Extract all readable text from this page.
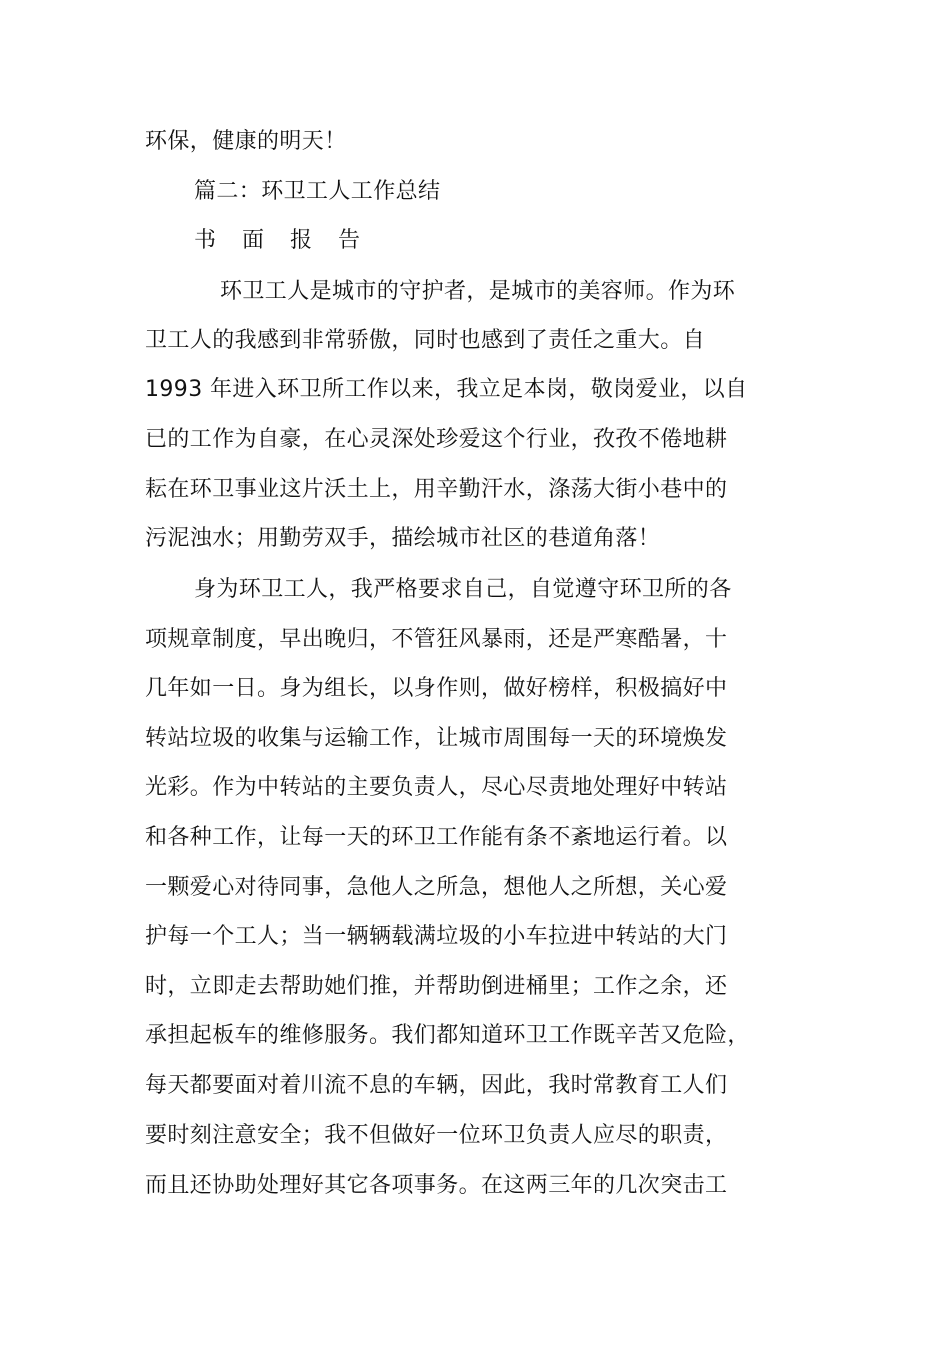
环保，健康的明天！
篇二：环卫工人工作总结
书 面 报 告
环卫工人是城市的守护者，是城市的美容师。作为环
卫工人的我感到非常骄傲，同时也感到了责任之重大。自
1993 年进入环卫所工作以来，我立足本岗，敬岗爱业，以自
已的工作为自豪，在心灵深处珍爱这个行业，孜孜不倦地耕
耘在环卫事业这片沃土上，用辛勤汗水，涤荡大街小巷中的
污泥浊水；用勤劳双手，描绘城市社区的巷道角落！
身为环卫工人，我严格要求自己，自觉遵守环卫所的各
项规章制度，早出晚归，不管狂风暴雨，还是严寒酷暑，十
几年如一日。身为组长，以身作则，做好榜样，积极搞好中
转站垃圾的收集与运输工作，让城市周围每一天的环境焕发
光彩。作为中转站的主要负责人，尽心尽责地处理好中转站
和各种工作，让每一天的环卫工作能有条不紊地运行着。以
一颗爱心对待同事，急他人之所急，想他人之所想，关心爱
护每一个工人；当一辆辆载满垃圾的小车拉进中转站的大门
时，立即走去帮助她们推，并帮助倒进桶里；工作之余，还
承担起板车的维修服务。我们都知道环卫工作既辛苦又危险，
每天都要面对着川流不息的车辆，因此，我时常教育工人们
要时刻注意安全；我不但做好一位环卫负责人应尽的职责，
而且还协助处理好其它各项事务。在这两三年的几次突击工
